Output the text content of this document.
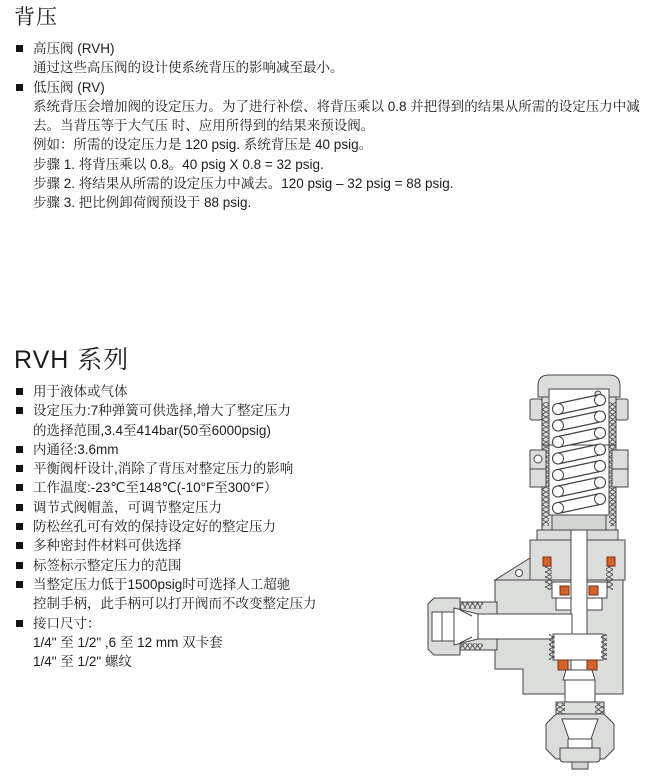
背压
高压阀 (RVH)
通过这些高压阀的设计使系统背压的影响减至最小。
低压阀 (RV)
系统背压会增加阀的设定压力。为了进行补偿、将背压乘以 0.8 并把得到的结果从所需的设定压力中减去。当背压等于大气压 时、应用所得到的结果来预设阀。
例如：所需的设定压力是 120 psig. 系统背压是 40 psig。
步骤 1. 将背压乘以 0.8。40 psig X 0.8 = 32 psig.
步骤 2. 将结果从所需的设定压力中减去。120 psig – 32 psig = 88 psig.
步骤 3. 把比例卸荷阀预设于 88 psig.
RVH 系列
用于液体或气体
设定压力:7种弹簧可供选择,增大了整定压力
的选择范围,3.4至414bar(50至6000psig)
内通径:3.6mm
平衡阀杆设计,消除了背压对整定压力的影响
工作温度:-23℃至148℃(-10°F至300°F）
调节式阀帽盖，可调节整定压力
防松丝孔可有效的保持设定好的整定压力
多种密封件材料可供选择
标签标示整定压力的范围
当整定压力低于1500psig时可选择人工超驰
控制手柄，此手柄可以打开阀而不改变整定压力
接口尺寸：
1/4" 至 1/2" ,6 至 12 mm 双卡套
1/4" 至 1/2" 螺纹
